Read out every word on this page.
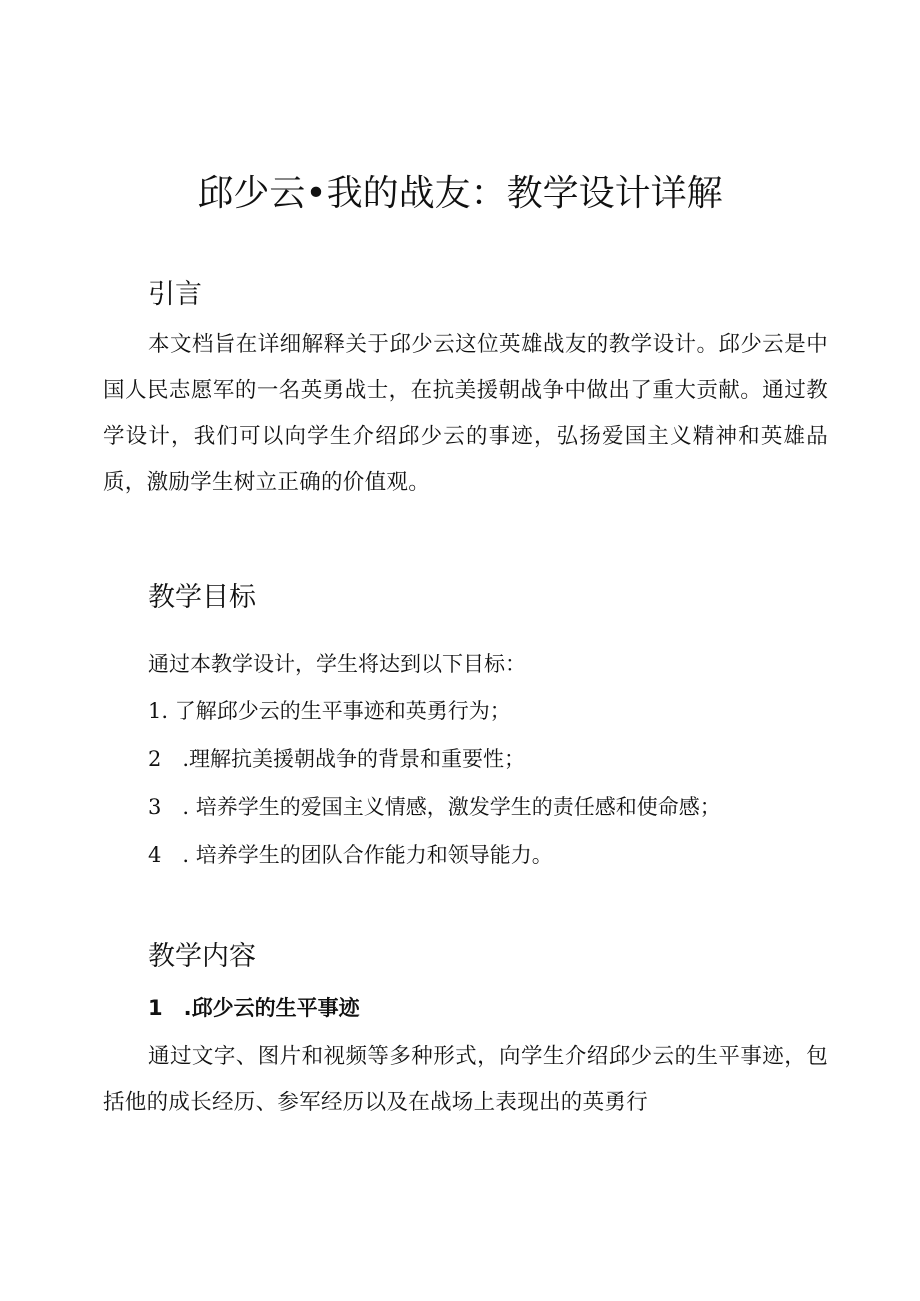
邱少云•我的战友：教学设计详解
引言

本文档旨在详细解释关于邱少云这位英雄战友的教学设计。邱少云是中国人民志愿军的一名英勇战士，在抗美援朝战争中做出了重大贡献。通过教学设计，我们可以向学生介绍邱少云的事迹，弘扬爱国主义精神和英雄品质，激励学生树立正确的价值观。

教学目标

通过本教学设计，学生将达到以下目标：

1. 了解邱少云的生平事迹和英勇行为；

2　.理解抗美援朝战争的背景和重要性；

3　. 培养学生的爱国主义情感，激发学生的责任感和使命感；

4　. 培养学生的团队合作能力和领导能力。

教学内容
1　.邱少云的生平事迹

通过文字、图片和视频等多种形式，向学生介绍邱少云的生平事迹，包括他的成长经历、参军经历以及在战场上表现出的英勇行
